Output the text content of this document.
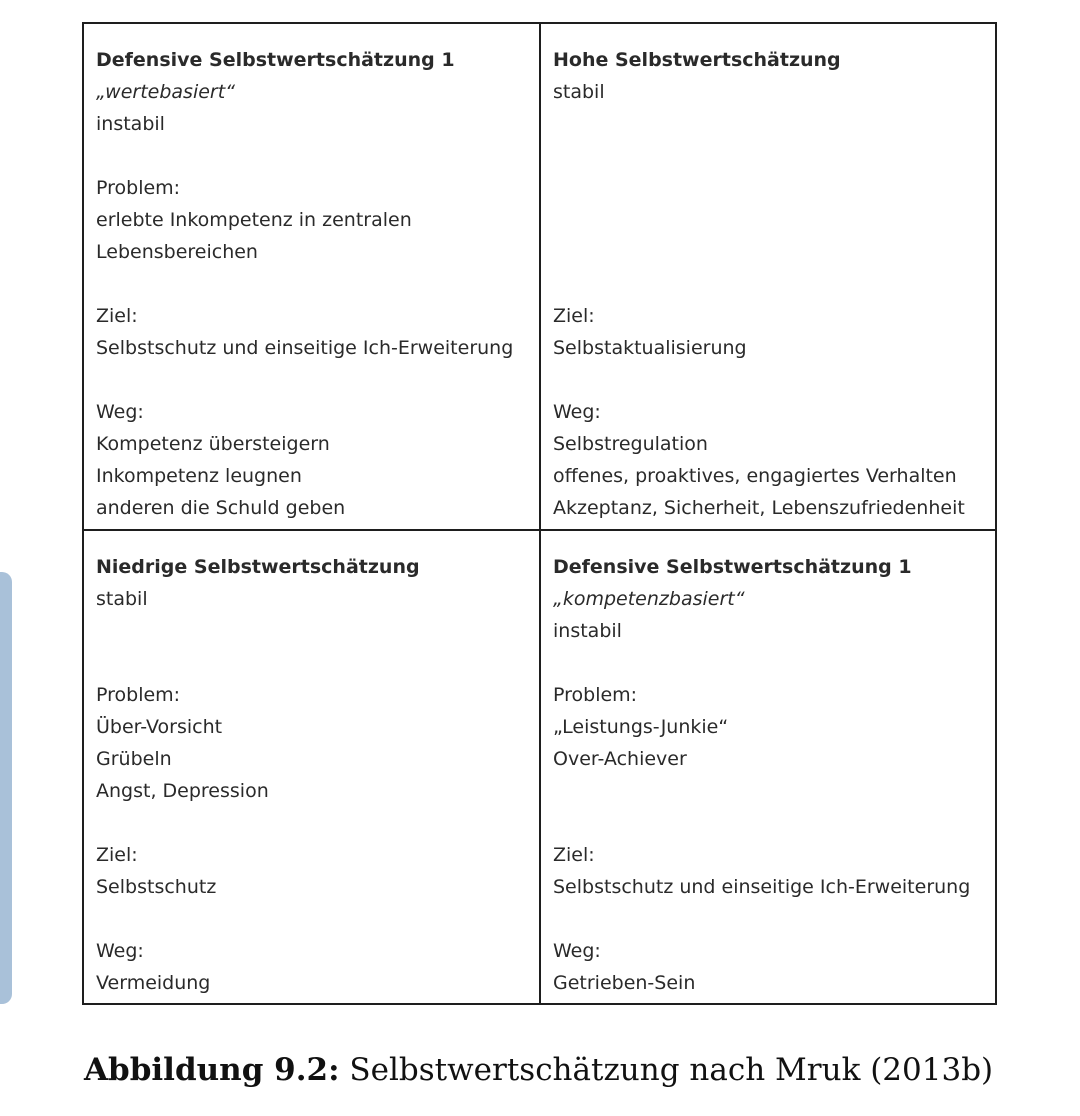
Defensive Selbstwertschätzung 1
„wertebasiert“
instabil
Problem:
erlebte Inkompetenz in zentralen
Lebensbereichen
Ziel:
Selbstschutz und einseitige Ich-Erweiterung
Weg:
Kompetenz übersteigern
Inkompetenz leugnen
anderen die Schuld geben
Hohe Selbstwertschätzung
stabil
Ziel:
Selbstaktualisierung
Weg:
Selbstregulation
offenes, proaktives, engagiertes Verhalten
Akzeptanz, Sicherheit, Lebenszufriedenheit
Niedrige Selbstwertschätzung
stabil
Problem:
Über-Vorsicht
Grübeln
Angst, Depression
Ziel:
Selbstschutz
Weg:
Vermeidung
Defensive Selbstwertschätzung 1
„kompetenzbasiert“
instabil
Problem:
„Leistungs-Junkie“
Over-Achiever
Ziel:
Selbstschutz und einseitige Ich-Erweiterung
Weg:
Getrieben-Sein
Abbildung 9.2: Selbstwertschätzung nach Mruk (2013b)
